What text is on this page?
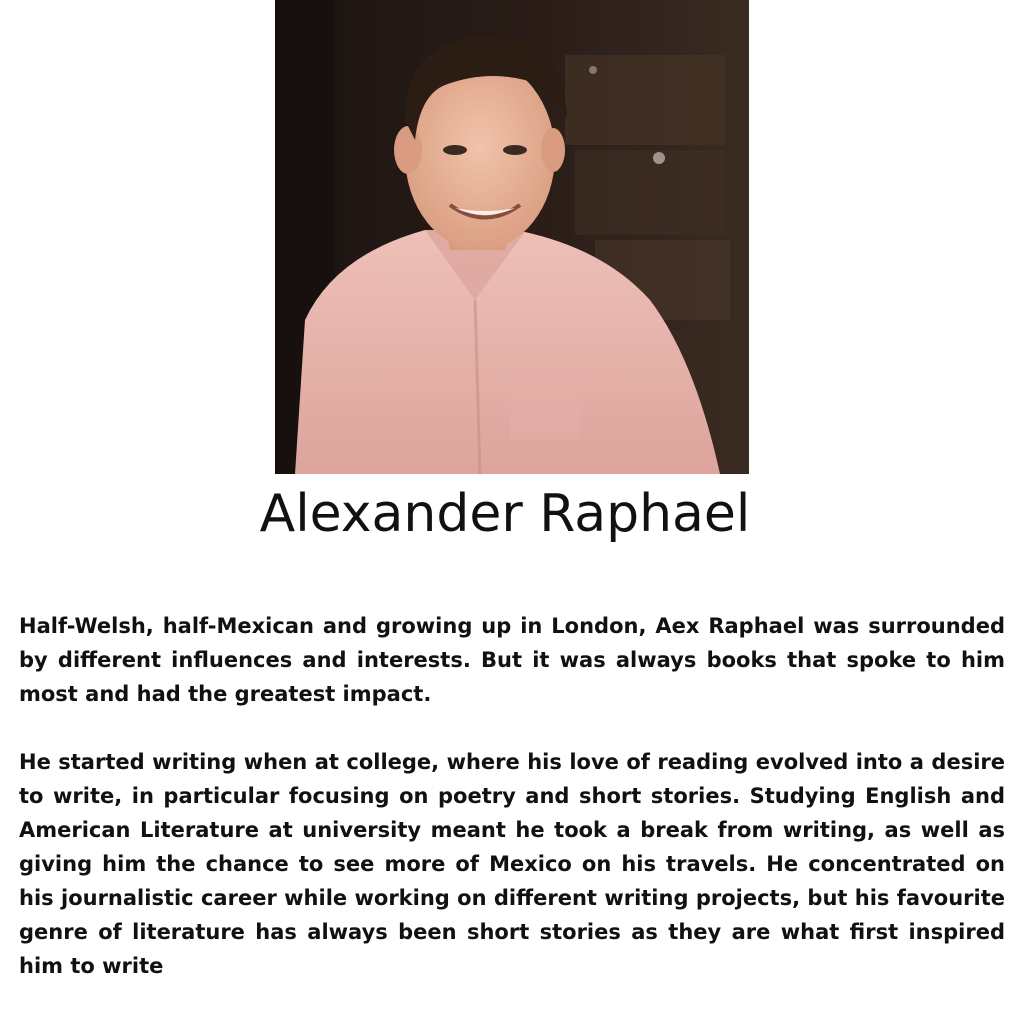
Alexander Raphael

Half-Welsh, half-Mexican and growing up in London, Aex Raphael was surrounded by different influences and interests. But it was always books that spoke to him most and had the greatest impact.

He started writing when at college, where his love of reading evolved into a desire to write, in particular focusing on poetry and short stories. Studying English and American Literature at university meant he took a break from writing, as well as giving him the chance to see more of Mexico on his travels. He concentrated on his journalistic career while working on different writing projects, but his favourite genre of literature has always been short stories as they are what first inspired him to write
